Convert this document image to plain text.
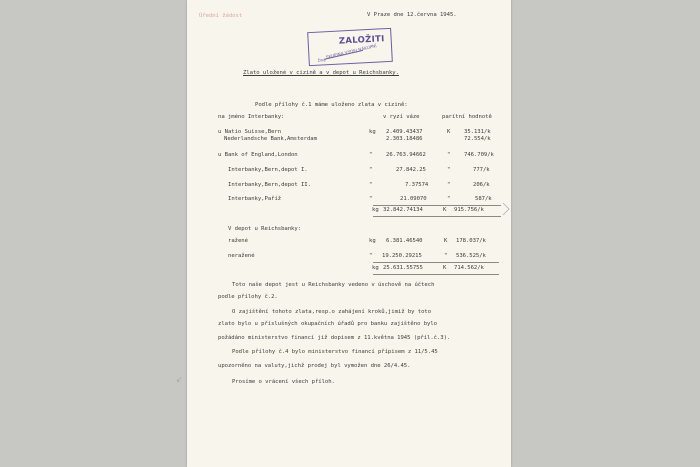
Úřední žádost	V Praze dne 12.června 1945.
ZALOŽITI
SKUPINA VÝDEJ NÁKUPNÍ
Dne
Zlato uložené v cizině a v depot u Reichsbanky.
Podle přílohy č.1 máme uloženo zlata v cizině:
na jméno Interbanky:	v ryzí váze	parítní hodnotě
u Natio Suisse,Bern	kg 2.409.43437	K 35.131/k
Nederlandsche Bank,Amsterdam	2.303.18486	72.554/k
u Bank of England,London	" 26.763.94662	" 746.709/k
Interbanky,Bern,depot I.	"	27.842.25	"	777/k
Interbanky,Bern,depot II.	"	7.37574	"	206/k
Interbanky,Paříž	"	21.09070	"	587/k
kg 32.842.74134	K 915.756/k
V depot u Reichsbanky:
ražené	kg 6.381.46540	K 178.037/k
neražené	" 19.250.29215	" 536.525/k
kg 25.631.55755	K 714.562/k
Toto naše depot jest u Reichsbanky vedeno v úschově na účtech
podle přílohy č.2.
O zajištění tohoto zlata,resp.o zahájení kroků,jimiž by toto
zlato bylo u příslušných okupačních úřadů pro banku zajištěno bylo
požádáno ministerstvo financí již dopisem z 11.května 1945 (příl.č.3).
Podle přílohy č.4 bylo ministerstvo financí přípisem z 11/5.45
upozorněno na valuty,jichž prodej byl vymožen dne 26/4.45.
Prosíme o vrácení všech příloh.
↙
